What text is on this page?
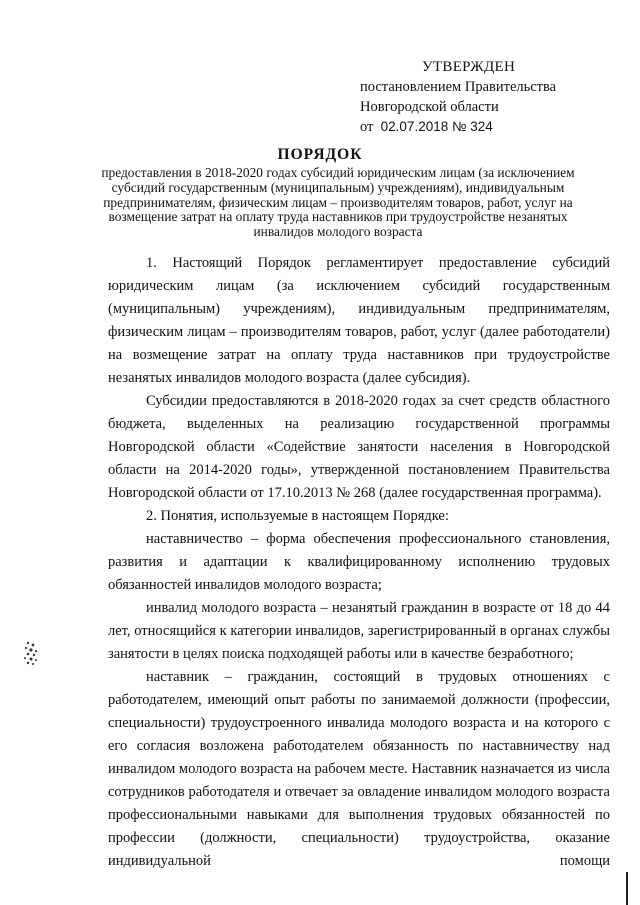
УТВЕРЖДЕН
постановлением Правительства
Новгородской области
от 02.07.2018 № 324
ПОРЯДОК
предоставления в 2018-2020 годах субсидий юридическим лицам (за исключением субсидий государственным (муниципальным) учреждениям), индивидуальным предпринимателям, физическим лицам – производителям товаров, работ, услуг на возмещение затрат на оплату труда наставников при трудоустройстве незанятых инвалидов молодого возраста

1. Настоящий Порядок регламентирует предоставление субсидий юридическим лицам (за исключением субсидий государственным (муниципальным) учреждениям), индивидуальным предпринимателям, физическим лицам – производителям товаров, работ, услуг (далее работодатели) на возмещение затрат на оплату труда наставников при трудоустройстве незанятых инвалидов молодого возраста (далее субсидия).

Субсидии предоставляются в 2018-2020 годах за счет средств областного бюджета, выделенных на реализацию государственной программы Новгородской области «Содействие занятости населения в Новгородской области на 2014-2020 годы», утвержденной постановлением Правительства Новгородской области от 17.10.2013 № 268 (далее государственная программа).

2. Понятия, используемые в настоящем Порядке:

наставничество – форма обеспечения профессионального становления, развития и адаптации к квалифицированному исполнению трудовых обязанностей инвалидов молодого возраста;

инвалид молодого возраста – незанятый гражданин в возрасте от 18 до 44 лет, относящийся к категории инвалидов, зарегистрированный в органах службы занятости в целях поиска подходящей работы или в качестве безработного;

наставник – гражданин, состоящий в трудовых отношениях с работодателем, имеющий опыт работы по занимаемой должности (профессии, специальности) трудоустроенного инвалида молодого возраста и на которого с его согласия возложена работодателем обязанность по наставничеству над инвалидом молодого возраста на рабочем месте. Наставник назначается из числа сотрудников работодателя и отвечает за овладение инвалидом молодого возраста профессиональными навыками для выполнения трудовых обязанностей по профессии (должности, специальности) трудоустройства, оказание индивидуальной помощи
